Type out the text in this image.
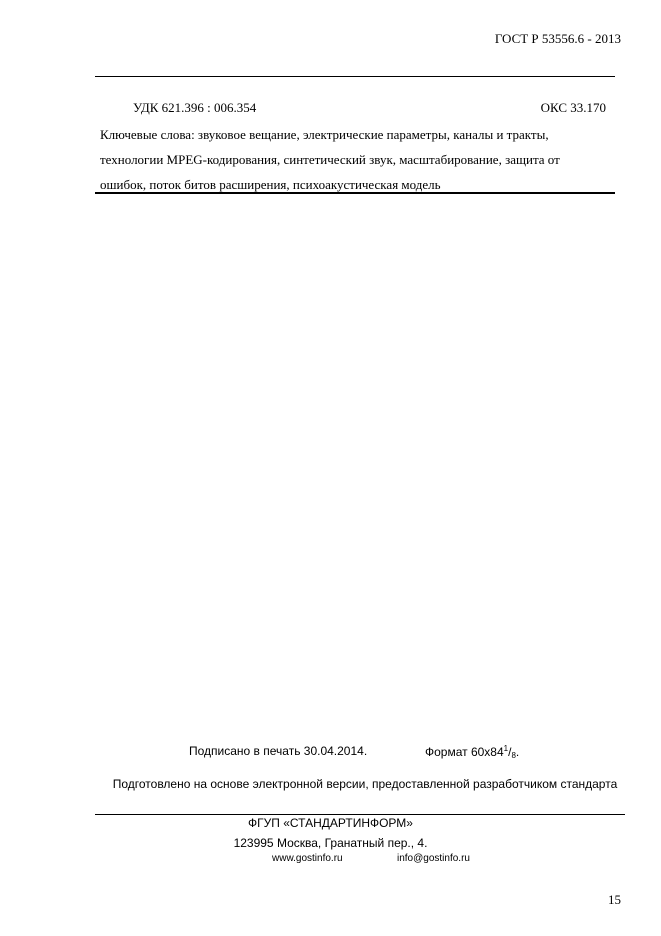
ГОСТ Р 53556.6 - 2013
УДК 621.396 : 006.354	ОКС 33.170
Ключевые слова: звуковое вещание, электрические параметры, каналы и тракты, технологии MPEG-кодирования, синтетический звук, масштабирование, защита от ошибок, поток битов расширения, психоакустическая модель
Подписано в печать 30.04.2014.	Формат $60x84^1/_8$.
Подготовлено на основе электронной версии, предоставленной разработчиком стандарта
ФГУП «СТАНДАРТИНФОРМ»
123995 Москва, Гранатный пер., 4.
www.gostinfo.ru	info@gostinfo.ru
15
